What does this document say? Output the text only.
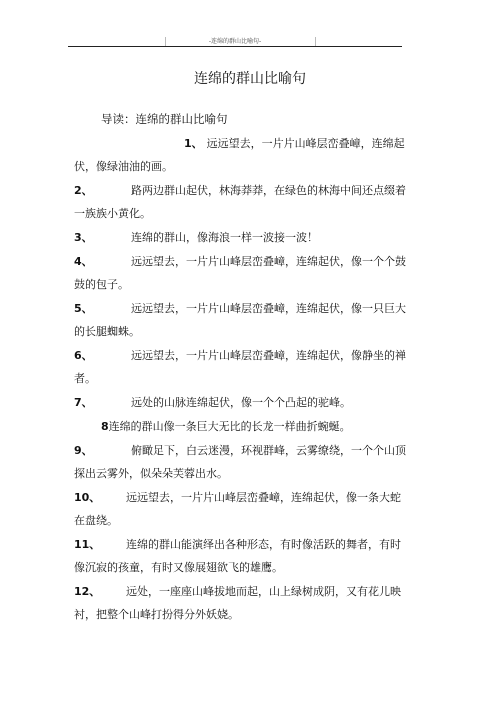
-连绵的群山比喻句-
连绵的群山比喻句
导读：连绵的群山比喻句
1、 远远望去，一片片山峰层峦叠嶂，连绵起伏，像绿油油的画。
2、	路两边群山起伏，林海莽莽，在绿色的林海中间还点缀着一族族小黄化。
3、	连绵的群山，像海浪一样一波接一波！
4、	远远望去，一片片山峰层峦叠嶂，连绵起伏，像一个个鼓鼓的包子。
5、	远远望去，一片片山峰层峦叠嶂，连绵起伏，像一只巨大的长腿蜘蛛。
6、	远远望去，一片片山峰层峦叠嶂，连绵起伏，像静坐的禅者。
7、	远处的山脉连绵起伏，像一个个凸起的驼峰。
8连绵的群山像一条巨大无比的长龙一样曲折蜿蜒。
9、	俯瞰足下，白云迷漫，环视群峰，云雾缭绕，一个个山顶探出云雾外，似朵朵芙蓉出水。
10、 远远望去，一片片山峰层峦叠嶂，连绵起伏，像一条大蛇在盘绕。
11、 连绵的群山能演绎出各种形态，有时像活跃的舞者，有时像沉寂的孩童，有时又像展翅欲飞的雄鹰。
12、 远处，一座座山峰拔地而起，山上绿树成阴，又有花儿映衬，把整个山峰打扮得分外妖娆。
